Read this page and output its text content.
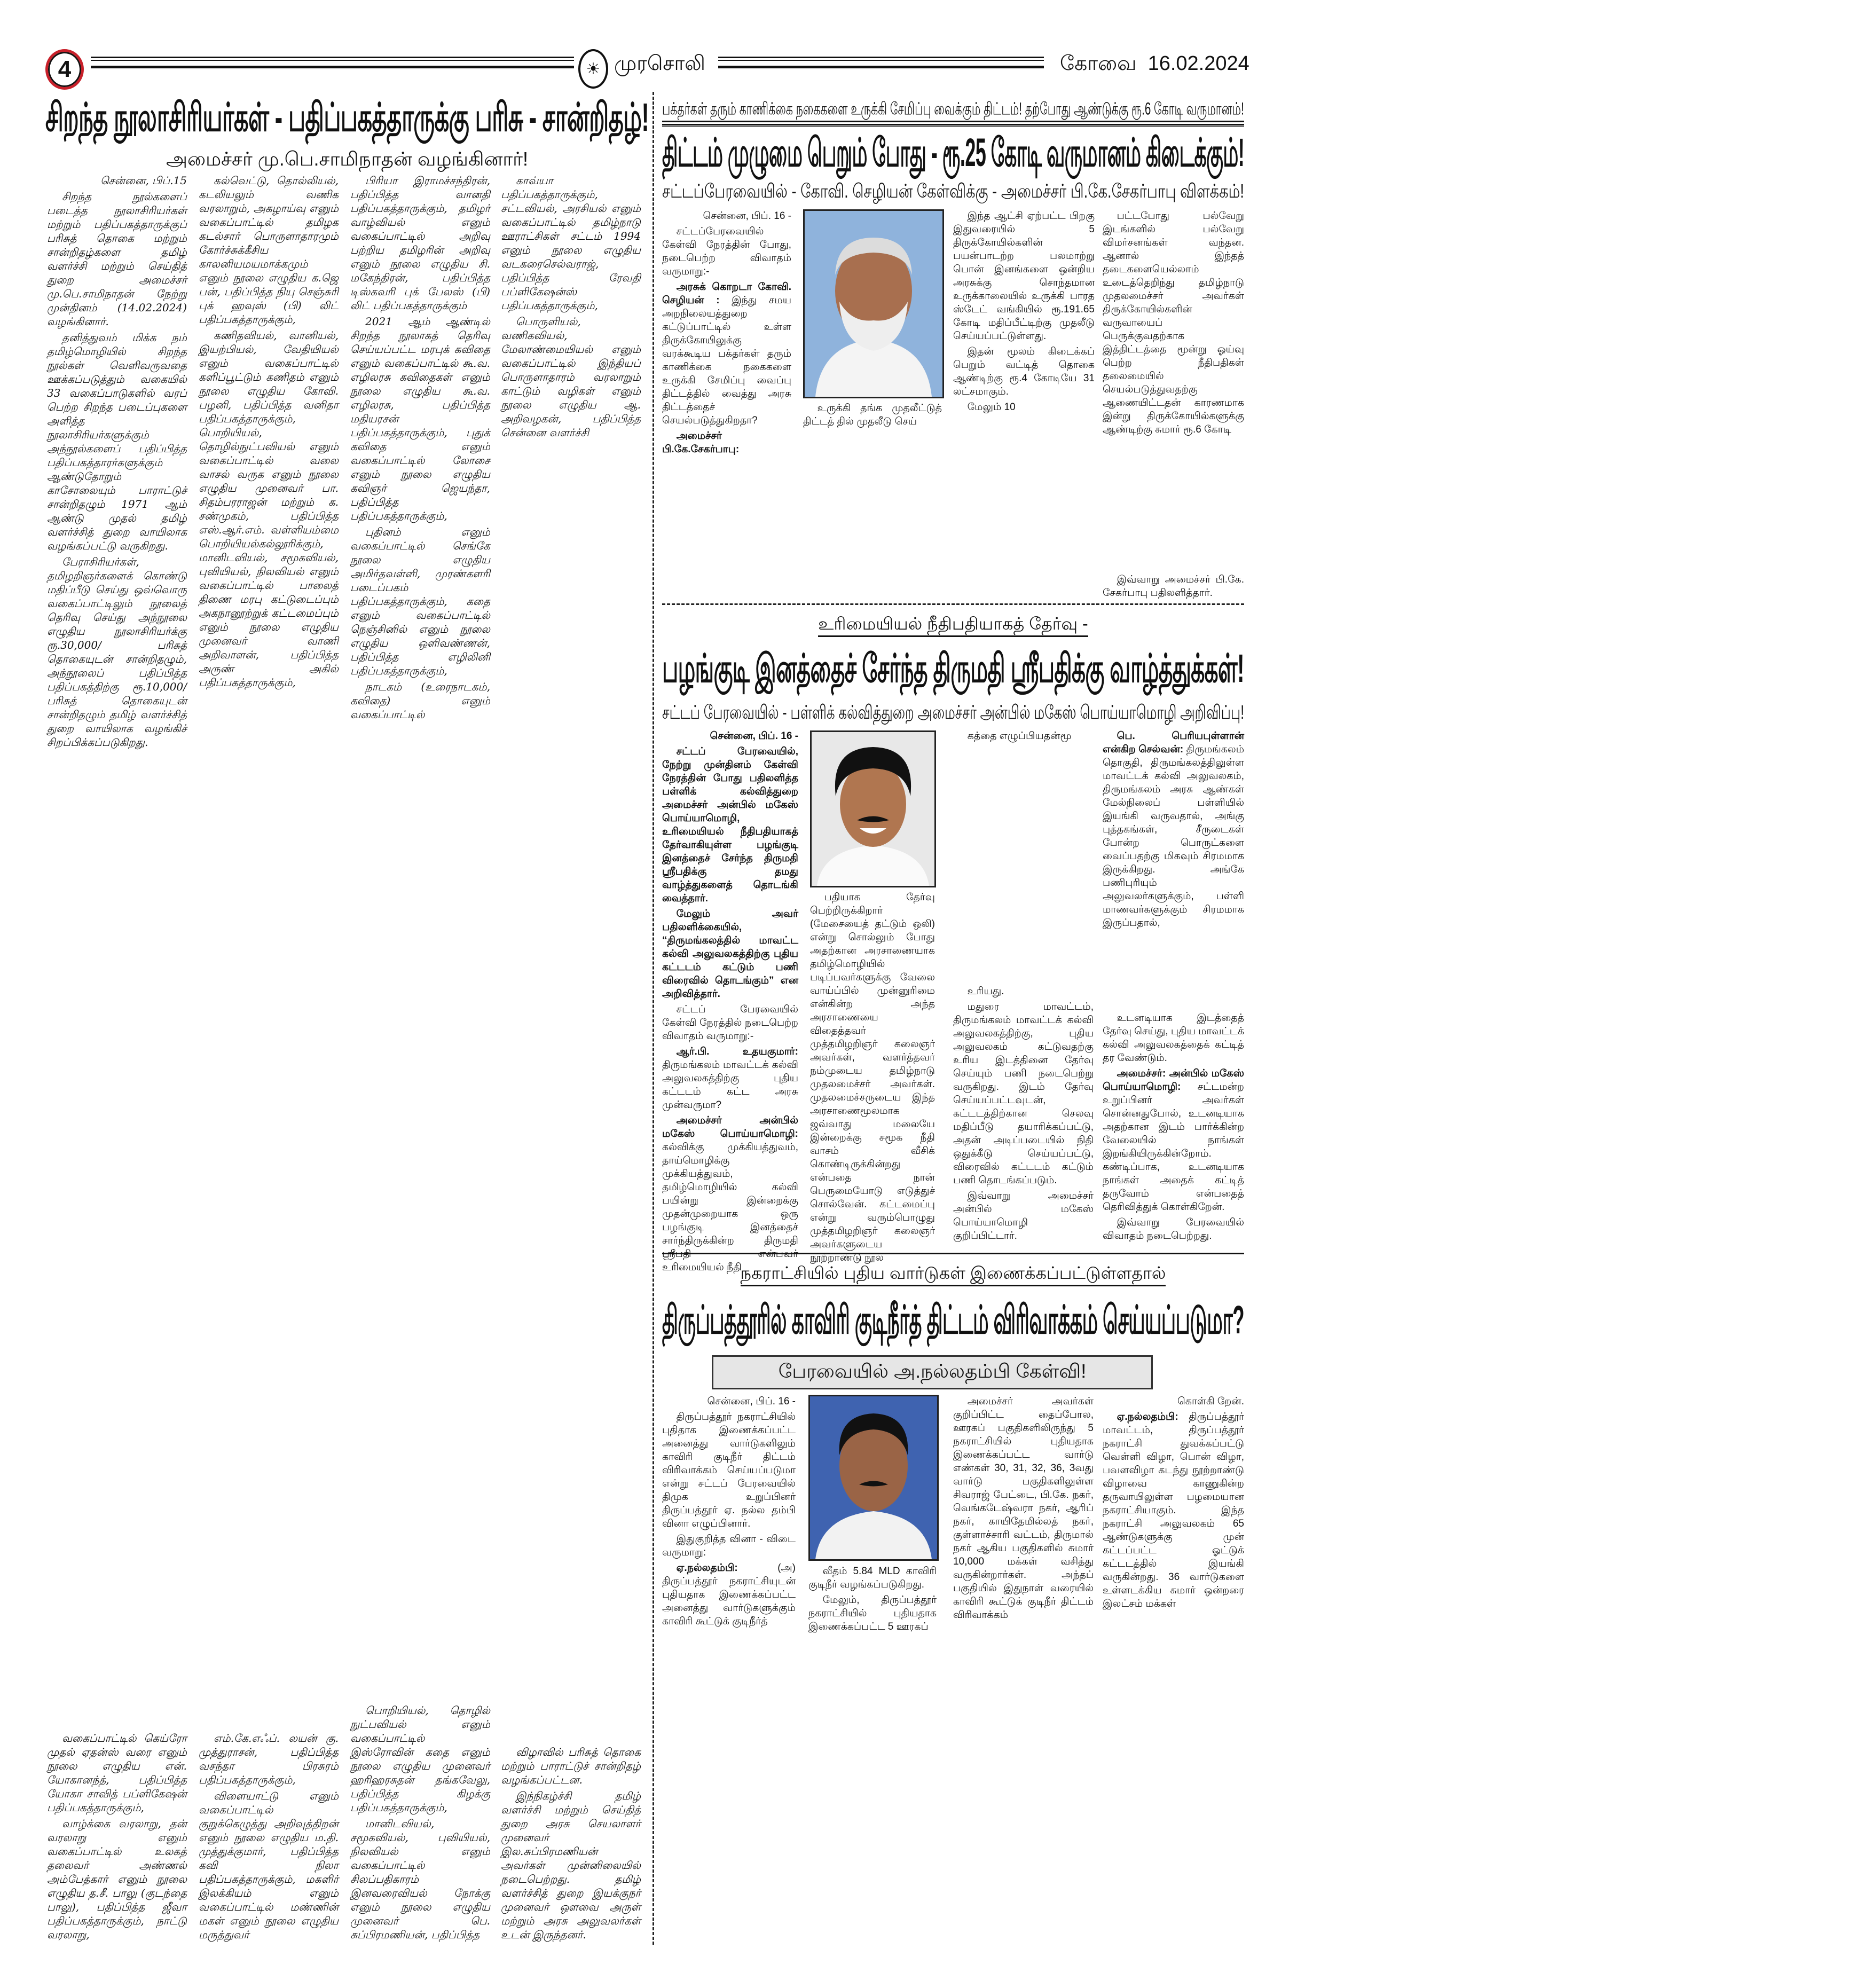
4	☀ முரசொலி	கோவை 16.02.2024
சிறந்த நூலாசிரியர்கள் - பதிப்பகத்தாருக்கு பரிசு - சான்றிதழ்!
அமைச்சர் மு.பெ.சாமிநாதன் வழங்கினார்!

சென்னை, பிப்.15

சிறந்த நூல்களைப் படைத்த நூலாசிரியர்கள் மற்றும் பதிப்பகத்தாருக்குப் பரிசுத் தொகை மற்றும் சான்றிதழ்களை தமிழ் வளர்ச்சி மற்றும் செய்தித் துறை அமைச்சர் மு.பெ.சாமிநாதன் நேற்று முன்தினம் (14.02.2024) வழங்கினார்.

தனித்துவம் மிக்க நம் தமிழ்மொழியில் சிறந்த நூல்கள் வெளிவருவதை ஊக்கப்படுத்தும் வகையில் 33 வகைப்பாடுகளில் வரப் பெற்ற சிறந்த படைப்புகளை அளித்த நூலாசிரியர்களுக்கும் அந்நூல்களைப் பதிப்பித்த பதிப்பகத்தாரர்களுக்கும் ஆண்டுதோறும் காசோலையும் பாராட்டுச் சான்றிதழும் 1971 ஆம் ஆண்டு முதல் தமிழ் வளர்ச்சித் துறை வாயிலாக வழங்கப்பட்டு வருகிறது.

பேராசிரியர்கள், தமிழறிஞர்களைக் கொண்டு மதிப்பீடு செய்து ஒவ்வொரு வகைப்பாட்டிலும் நூலைத் தெரிவு செய்து அந்நூலை எழுதிய நூலாசிரியர்க்கு ரூ.30,000/ பரிசுத் தொகையுடன் சான்றிதழும், அந்நூலைப் பதிப்பித்த பதிப்பகத்திற்கு ரூ.10,000/ பரிசுத் தொகையுடன் சான்றிதழும் தமிழ் வளர்ச்சித் துறை வாயிலாக வழங்கிச் சிறப்பிக்கப்படுகிறது.

வகைப்பாட்டில் கெய்ரோ முதல் ஏதன்ஸ் வரை எனும் நூலை எழுதிய என். யோகானந்த், பதிப்பித்த யோகா சாவித் பப்ளிகேஷன் பதிப்பகத்தாருக்கும்,

வாழ்க்கை வரலாறு, தன் வரலாறு எனும் வகைப்பாட்டில் உலகத் தலைவர் அண்ணல் அம்பேத்கார் எனும் நூலை எழுதிய த.சீ. பாலு (குடந்தை பாலு), பதிப்பித்த ஜீவா பதிப்பகத்தாருக்கும், நாட்டு வரலாறு,

கல்வெட்டு, தொல்லியல், கடலியலும் வணிக வரலாறும், அகழாய்வு எனும் வகைப்பாட்டில் தமிழக கடல்சார் பொருளாதாரமும் கோர்ச்சுக்கீசிய காலனியமயமாக்கமும் எனும் நூலை எழுதிய க.ஜெ பன், பதிப்பித்த நியு செஞ்சுரி புக் ஹவுஸ் (பி) லிட் பதிப்பகத்தாருக்கும்,

கணிதவியல், வானியல், இயற்பியல், வேதியியல் எனும் வகைப்பாட்டில் களிப்பூட்டும் கணிதம் எனும் நூலை எழுதிய கோவி. பழனி, பதிப்பித்த வனிதா பதிப்பகத்தாருக்கும், பொறியியல், தொழில்நுட்பவியல் எனும் வகைப்பாட்டில் வலை வாசல் வருக எனும் நூலை எழுதிய முனைவர் பா. சிதம்பரராஜன் மற்றும் க. சண்முகம், பதிப்பித்த எஸ்.ஆர்.எம். வள்ளியம்மை பொறியியல்கல்லூரிக்கும், மானிடவியல், சமூகவியல், புவியியல், நிலவியல் எனும் வகைப்பாட்டில் பாலைத் திணை மரபு கட்டுடைப்பும் அகநானூற்றுக் கட்டமைப்பும் எனும் நூலை எழுதிய முனைவர் வாணி அறிவாளன், பதிப்பித்த அருண் அகில் பதிப்பகத்தாருக்கும்,

எம்.கே.எஃப். லயன் கு. முத்துராசன், பதிப்பித்த வசந்தா பிரசுரம் பதிப்பகத்தாருக்கும்,

விளையாட்டு எனும் வகைப்பாட்டில் குறுக்கெழுத்து அறிவுத்திறன் எனும் நூலை எழுதிய ம.தி. முத்துக்குமார், பதிப்பித்த கவி நிலா பதிப்பகத்தாருக்கும், மகளிர் இலக்கியம் எனும் வகைப்பாட்டில் மண்ணின் மகள் எனும் நூலை எழுதிய மருத்துவர்

பிரியா இராமச்சந்திரன், பதிப்பித்த வானதி பதிப்பகத்தாருக்கும், தமிழர் வாழ்வியல் எனும் வகைப்பாட்டில் அறிவு பற்றிய தமிழரின் அறிவு எனும் நூலை எழுதிய சி. மகேந்திரன், பதிப்பித்த டிஸ்கவரி புக் பேலஸ் (பி) லிட் பதிப்பகத்தாருக்கும்

2021 ஆம் ஆண்டில் சிறந்த நூலாகத் தெரிவு செய்யப்பட்ட மரபுக் கவிதை எனும் வகைப்பாட்டில் கூ.வ. எழிலரசு கவிதைகள் எனும் நூலை எழுதிய கூ.வ. எழிலரசு, பதிப்பித்த மதியரசன் பதிப்பகத்தாருக்கும், புதுக் கவிதை எனும் வகைப்பாட்டில் லோசை எனும் நூலை எழுதிய கவிஞர் ஜெயந்தா, பதிப்பித்த பதிப்பகத்தாருக்கும்,

புதினம் எனும் வகைப்பாட்டில் செங்கே நூலை எழுதிய அமிர்தவள்ளி, முரண்களரி படைப்பகம் பதிப்பகத்தாருக்கும், கதை எனும் வகைப்பாட்டில் நெஞ்சினில் எனும் நூலை எழுதிய ஒளிவண்ணன், பதிப்பித்த எழிலினி பதிப்பகத்தாருக்கும்,

நாடகம் (உரைநாடகம், கவிதை) எனும் வகைப்பாட்டில்

பொறியியல், தொழில் நுட்பவியல் எனும் வகைப்பாட்டில் இஸ்ரோவின் கதை எனும் நூலை எழுதிய முனைவர் ஹரிஹரசுதன் தங்கவேலு, பதிப்பித்த கிழக்கு பதிப்பகத்தாருக்கும்,

மானிடவியல், சமூகவியல், புவியியல், நிலவியல் எனும் வகைப்பாட்டில் சிலப்பதிகாரம் இனவரைவியல் நோக்கு எனும் நூலை எழுதிய முனைவர் பெ. சுப்பிரமணியன், பதிப்பித்த

காவ்யா பதிப்பகத்தாருக்கும், சட்டவியல், அரசியல் எனும் வகைப்பாட்டில் தமிழ்நாடு ஊராட்சிகள் சட்டம் 1994 எனும் நூலை எழுதிய வடகரைசெல்வராஜ், பதிப்பித்த ரேவதி பப்ளிகேஷன்ஸ் பதிப்பகத்தாருக்கும்,

பொருளியல், வணிகவியல், மேலாண்மையியல் எனும் வகைப்பாட்டில் இந்தியப் பொருளாதாரம் வரலாறும் காட்டும் வழிகள் எனும் நூலை எழுதிய ஆ. அறிவழகன், பதிப்பித்த சென்னை வளர்ச்சி

விழாவில் பரிசுத் தொகை மற்றும் பாராட்டுச் சான்றிதழ் வழங்கப்பட்டன.

இந்நிகழ்ச்சி தமிழ் வளர்ச்சி மற்றும் செய்தித் துறை அரசு செயலாளர் முனைவர் இல.சுப்பிரமணியன் அவர்கள் முன்னிலையில் நடைபெற்றது. தமிழ் வளர்ச்சித் துறை இயக்குநர் முனைவர் ஔவை அருள் மற்றும் அரசு அலுவலர்கள் உடன் இருந்தனர்.

பக்தர்கள் தரும் காணிக்கை நகைகளை உருக்கி சேமிப்பு வைக்கும் திட்டம்! தற்போது ஆண்டுக்கு ரூ.6 கோடி வருமானம்!
திட்டம் முழுமை பெறும் போது - ரூ.25 கோடி வருமானம் கிடைக்கும்!
சட்டப்பேரவையில் - கோவி. செழியன் கேள்விக்கு - அமைச்சர் பி.கே.சேகர்பாபு விளக்கம்!

சென்னை, பிப். 16 -

சட்டப்பேரவையில் கேள்வி நேரத்தின் போது, நடைபெற்ற விவாதம் வருமாறு:-

அரசுக் கொறடா கோவி. செழியன் : இந்து சமய அறநிலையத்துறை கட்டுப்பாட்டில் உள்ள திருக்கோயிலுக்கு வரக்கூடிய பக்தர்கள் தரும் காணிக்கை நகைகளை உருக்கி சேமிப்பு வைப்பு திட்டத்தில் வைத்து அரசு திட்டத்தைச் செயல்படுத்துகிறதா?

அமைச்சர் பி.கே.சேகர்பாபு:

உருக்கி தங்க முதலீட்டுத் திட்டத் தில் முதலீடு செய்

இந்த ஆட்சி ஏற்பட்ட பிறகு இதுவரையில் 5 திருக்கோயில்களின் பயன்பாடற்ற பலமாற்று பொன் இனங்களை ஒன்றிய அரசுக்கு சொந்தமான உருக்காலையில் உருக்கி பாரத ஸ்டேட் வங்கியில் ரூ.191.65 கோடி மதிப்பீட்டிற்கு முதலீடு செய்யப்பட்டுள்ளது.

இதன் மூலம் கிடைக்கப் பெறும் வட்டித் தொகை ஆண்டிற்கு ரூ.4 கோடியே 31 லட்சமாகும்.

மேலும் 10

பட்டபோது பல்வேறு இடங்களில் பல்வேறு விமர்சனங்கள் வந்தன. ஆனால் இந்தத் தடைகளையெல்லாம் உடைத்தெறிந்து தமிழ்நாடு முதலமைச்சர் அவர்கள் திருக்கோயில்களின் வருவாயைப் பெருக்குவதற்காக இத்திட்டத்தை மூன்று ஓய்வு பெற்ற நீதிபதிகள் தலைமையில் செயல்படுத்துவதற்கு ஆணையிட்டதன் காரணமாக இன்று திருக்கோயில்களுக்கு ஆண்டிற்கு சுமார் ரூ.6 கோடி

இவ்வாறு அமைச்சர் பி.கே. சேகர்பாபு பதிலளித்தார்.

உரிமையியல் நீதிபதியாகத் தேர்வு -
பழங்குடி இனத்தைச் சேர்ந்த திருமதி ஸ்ரீபதிக்கு வாழ்த்துக்கள்!
சட்டப் பேரவையில் - பள்ளிக் கல்வித்துறை அமைச்சர் அன்பில் மகேஸ் பொய்யாமொழி அறிவிப்பு!

சென்னை, பிப். 16 -

சட்டப் பேரவையில், நேற்று முன்தினம் கேள்வி நேரத்தின் போது பதிலளித்த பள்ளிக் கல்வித்துறை அமைச்சர் அன்பில் மகேஸ் பொய்யாமொழி, உரிமையியல் நீதிபதியாகத் தேர்வாகியுள்ள பழங்குடி இனத்தைச் சேர்ந்த திருமதி ஸ்ரீபதிக்கு தமது வாழ்த்துகளைத் தொடங்கி வைத்தார்.

மேலும் அவர் பதிலளிக்கையில், “திருமங்கலத்தில் மாவட்ட கல்வி அலுவலகத்திற்கு புதிய கட்டடம் கட்டும் பணி விரைவில் தொடங்கும்” என அறிவித்தார்.

சட்டப் பேரவையில் கேள்வி நேரத்தில் நடைபெற்ற விவாதம் வருமாறு:-

ஆர்.பி. உதயகுமார்: திருமங்கலம் மாவட்டக் கல்வி அலுவலகத்திற்கு புதிய கட்டடம் கட்ட அரசு முன்வருமா?

அமைச்சர் அன்பில் மகேஸ் பொய்யாமொழி: கல்விக்கு முக்கியத்துவம், தாய்மொழிக்கு முக்கியத்துவம், தமிழ்மொழியில் கல்வி பயின்று இன்றைக்கு முதன்முறையாக ஒரு பழங்குடி இனத்தைச் சார்ந்திருக்கின்ற திருமதி ஸ்ரீபதி என்பவர் உரிமையியல் நீதி

பதியாக தேர்வு பெற்றிருக்கிறார் (மேசையைத் தட்டும் ஒலி) என்று சொல்லும் போது அதற்கான அரசாணையாக தமிழ்மொழியில் படிப்பவர்களுக்கு வேலை வாய்ப்பில் முன்னுரிமை என்கின்ற அந்த அரசாணையை விதைத்தவர் முத்தமிழறிஞர் கலைஞர் அவர்கள், வளர்த்தவர் நம்முடைய தமிழ்நாடு முதலமைச்சர் அவர்கள். முதலமைச்சருடைய இந்த அரசாணைமூலமாக ஜவ்வாது மலையே இன்றைக்கு சமூக நீதி வாசம் வீசிக் கொண்டிருக்கின்றது என்பதை நான் பெருமையோடு எடுத்துச் சொல்வேன். கட்டமைப்பு என்று வரும்பொழுது முத்தமிழறிஞர் கலைஞர் அவர்களுடைய நூற்றாண்டு நூல

கத்தை எழுப்பியதன்மூ

உரியது.

மதுரை மாவட்டம், திருமங்கலம் மாவட்டக் கல்வி அலுவலகத்திற்கு, புதிய அலுவலகம் கட்டுவதற்கு உரிய இடத்தினை தேர்வு செய்யும் பணி நடைபெற்று வருகிறது. இடம் தேர்வு செய்யப்பட்டவுடன், கட்டடத்திற்கான செலவு மதிப்பீடு தயாரிக்கப்பட்டு, அதன் அடிப்படையில் நிதி ஒதுக்கீடு செய்யப்பட்டு, விரைவில் கட்டடம் கட்டும் பணி தொடங்கப்படும்.

இவ்வாறு அமைச்சர் அன்பில் மகேஸ் பொய்யாமொழி குறிப்பிட்டார்.

பெ. பெரியபுள்ளான் என்கிற செல்வன்: திருமங்கலம் தொகுதி, திருமங்கலத்திலுள்ள மாவட்டக் கல்வி அலுவலகம், திருமங்கலம் அரசு ஆண்கள் மேல்நிலைப் பள்ளியில் இயங்கி வருவதால், அங்கு புத்தகங்கள், சீருடைகள் போன்ற பொருட்களை வைப்பதற்கு மிகவும் சிரமமாக இருக்கிறது. அங்கே பணிபுரியும் அலுவலர்களுக்கும், பள்ளி மாணவர்களுக்கும் சிரமமாக இருப்பதால்,

உடனடியாக இடத்தைத் தேர்வு செய்து, புதிய மாவட்டக் கல்வி அலுவலகத்தைக் கட்டித் தர வேண்டும்.

அமைச்சர்: அன்பில் மகேஸ் பொய்யாமொழி: சட்டமன்ற உறுப்பினர் அவர்கள் சொன்னதுபோல், உடனடியாக அதற்கான இடம் பார்க்கின்ற வேலையில் நாங்கள் இறங்கியிருக்கின்றோம். கண்டிப்பாக, உடனடியாக நாங்கள் அதைக் கட்டித் தருவோம் என்பதைத் தெரிவித்துக் கொள்கிறேன்.

இவ்வாறு பேரவையில் விவாதம் நடைபெற்றது.

நகராட்சியில் புதிய வார்டுகள் இணைக்கப்பட்டுள்ளதால்
திருப்பத்தூரில் காவிரி குடிநீர்த் திட்டம் விரிவாக்கம் செய்யப்படுமா?
பேரவையில் அ.நல்லதம்பி கேள்வி!

சென்னை, பிப். 16 -

திருப்பத்தூர் நகராட்சியில் புதிதாக இணைக்கப்பட்ட அனைத்து வார்டுகளிலும் காவிரி குடிநீர் திட்டம் விரிவாக்கம் செய்யப்படுமா என்று சட்டப் பேரவையில் திமுக உறுப்பினர் திருப்பத்தூர் ஏ. நல்ல தம்பி வினா எழுப்பினார்.

இதுகுறித்த வினா - விடை வருமாறு:

ஏ.நல்லதம்பி:	(அ) திருப்பத்தூர் நகராட்சியுடன் புதியதாக இணைக்கப்பட்ட அனைத்து வார்டுகளுக்கும் காவிரி கூட்டுக் குடிநீர்த்

வீதம் 5.84 MLD காவிரி குடிநீர் வழங்கப்படுகிறது.

மேலும், திருப்பத்தூர் நகராட்சியில் புதியதாக இணைக்கப்பட்ட 5 ஊரகப்

அமைச்சர் அவர்கள் குறிப்பிட்ட தைப்போல, ஊரகப் பகுதிகளிலிருந்து 5 நகராட்சியில் புதியதாக இணைக்கப்பட்ட வார்டு எண்கள் 30, 31, 32, 36, 3வது வார்டு பகுதிகளிலுள்ள சிவராஜ் பேட்டை, பி.கே. நகர், வெங்கடேஷ்வரா நகர், ஆரிப் நகர், காயிதேமில்லத் நகர், குள்ளாச்சாரி வட்டம், திருமால் நகர் ஆகிய பகுதிகளில் சுமார் 10,000 மக்கள் வசித்து வருகின்றார்கள். அந்தப் பகுதியில் இதுநாள் வரையில் காவிரி கூட்டுக் குடிநீர் திட்டம் விரிவாக்கம்

கொள்கி றேன்.

ஏ.நல்லதம்பி: திருப்பத்தூர் மாவட்டம், திருப்பத்தூர் நகராட்சி துவக்கப்பட்டு வெள்ளி விழா, பொன் விழா, பவளவிழா கடந்து நூற்றாண்டு விழாவை காணுகின்ற தருவாயிலுள்ள பழமையான நகராட்சியாகும். இந்த நகராட்சி அலுவலகம் 65 ஆண்டுகளுக்கு முன் கட்டப்பட்ட ஓட்டுக் கட்டடத்தில் இயங்கி வருகின்றது. 36 வார்டுகளை உள்ளடக்கிய சுமார் ஒன்றரை இலட்சம் மக்கள்
